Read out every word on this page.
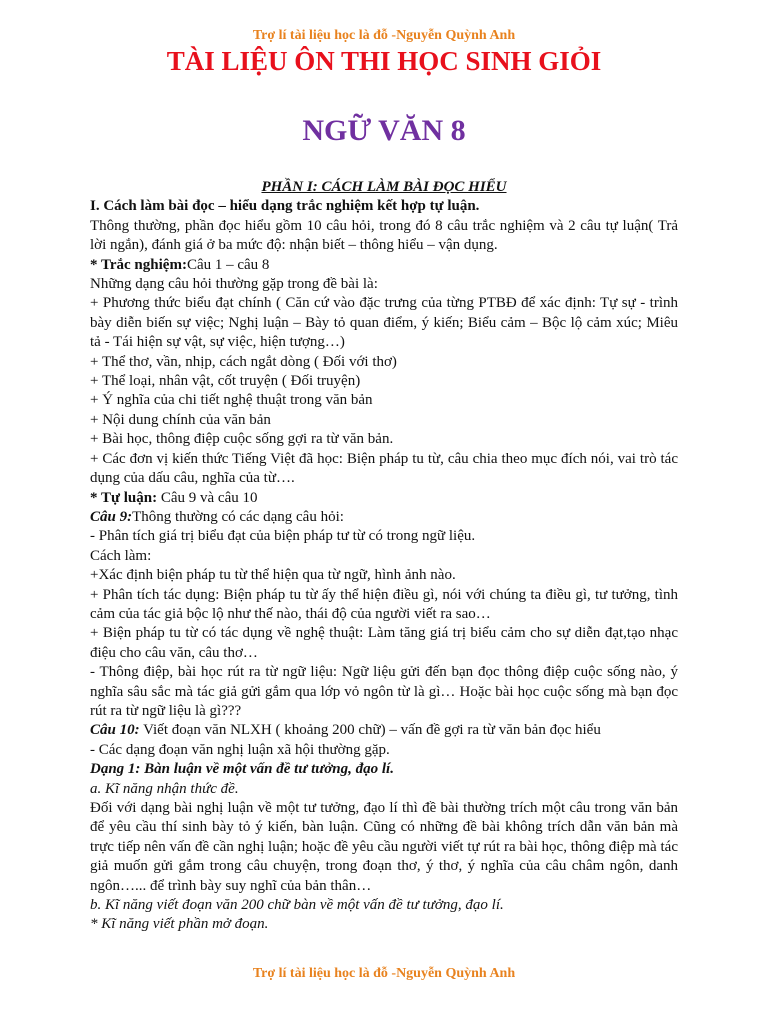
Trợ lí tài liệu học là đỗ -Nguyễn Quỳnh Anh
TÀI LIỆU ÔN THI HỌC SINH GIỎI
NGỮ VĂN 8

PHẦN I: CÁCH LÀM BÀI ĐỌC HIỂU

I. Cách làm bài đọc – hiểu dạng trắc nghiệm kết hợp tự luận.

Thông thường, phần đọc hiểu gồm 10 câu hỏi, trong đó 8 câu trắc nghiệm và 2 câu tự luận( Trả lời ngắn), đánh giá ở ba mức độ: nhận biết – thông hiểu – vận dụng.

* Trắc nghiệm:Câu 1 – câu 8

Những dạng câu hỏi thường gặp trong đề bài là:

+ Phương thức biểu đạt chính ( Căn cứ vào đặc trưng của từng PTBĐ để xác định: Tự sự - trình bày diễn biến sự việc; Nghị luận – Bày tỏ quan điểm, ý kiến; Biểu cảm – Bộc lộ cảm xúc; Miêu tả - Tái hiện sự vật, sự việc, hiện tượng…)

+ Thể thơ, vần, nhịp, cách ngắt dòng ( Đối với thơ)

+ Thể loại, nhân vật, cốt truyện ( Đối truyện)

+ Ý nghĩa của chi tiết nghệ thuật trong văn bản

+ Nội dung chính của văn bản

+ Bài học, thông điệp cuộc sống gợi ra từ văn bản.

+ Các đơn vị kiến thức Tiếng Việt đã học: Biện pháp tu từ, câu chia theo mục đích nói, vai trò tác dụng của dấu câu, nghĩa của từ….

* Tự luận: Câu 9 và câu 10

Câu 9:Thông thường có các dạng câu hỏi:

- Phân tích giá trị biểu đạt của biện pháp tư từ có trong ngữ liệu.

Cách làm:

+Xác định biện pháp tu từ thể hiện qua từ ngữ, hình ảnh nào.

+ Phân tích tác dụng: Biện pháp tu từ ấy thể hiện điều gì, nói với chúng ta điều gì, tư tưởng, tình cảm của tác giả bộc lộ như thế nào, thái độ của người viết ra sao…

+ Biện pháp tu từ có tác dụng về nghệ thuật: Làm tăng giá trị biểu cảm cho sự diễn đạt,tạo nhạc điệu cho câu văn, câu thơ…

- Thông điệp, bài học rút ra từ ngữ liệu: Ngữ liệu gửi đến bạn đọc thông điệp cuộc sống nào, ý nghĩa sâu sắc mà tác giả gửi gắm qua lớp vỏ ngôn từ là gì… Hoặc bài học cuộc sống mà bạn đọc rút ra từ ngữ liệu là gì???

Câu 10: Viết đoạn văn NLXH ( khoảng 200 chữ) – vấn đề gợi ra từ văn bản đọc hiểu

- Các dạng đoạn văn nghị luận xã hội thường gặp.

Dạng 1: Bàn luận về một vấn đề tư tưởng, đạo lí.

a. Kĩ năng nhận thức đề.

Đối với dạng bài nghị luận về một tư tưởng, đạo lí thì đề bài thường trích một câu trong văn bản để yêu cầu thí sinh bày tỏ ý kiến, bàn luận. Cũng có những đề bài không trích dẫn văn bản mà trực tiếp nên vấn đề cần nghị luận; hoặc đề yêu cầu người viết tự rút ra bài học, thông điệp mà tác giả muốn gửi gắm trong câu chuyện, trong đoạn thơ, ý thơ, ý nghĩa của câu châm ngôn, danh ngôn…... để trình bày suy nghĩ của bản thân…

b. Kĩ năng viết đoạn văn 200 chữ bàn về một vấn đề tư tưởng, đạo lí.

* Kĩ năng viết phần mở đoạn.

Trợ lí tài liệu học là đỗ -Nguyễn Quỳnh Anh
